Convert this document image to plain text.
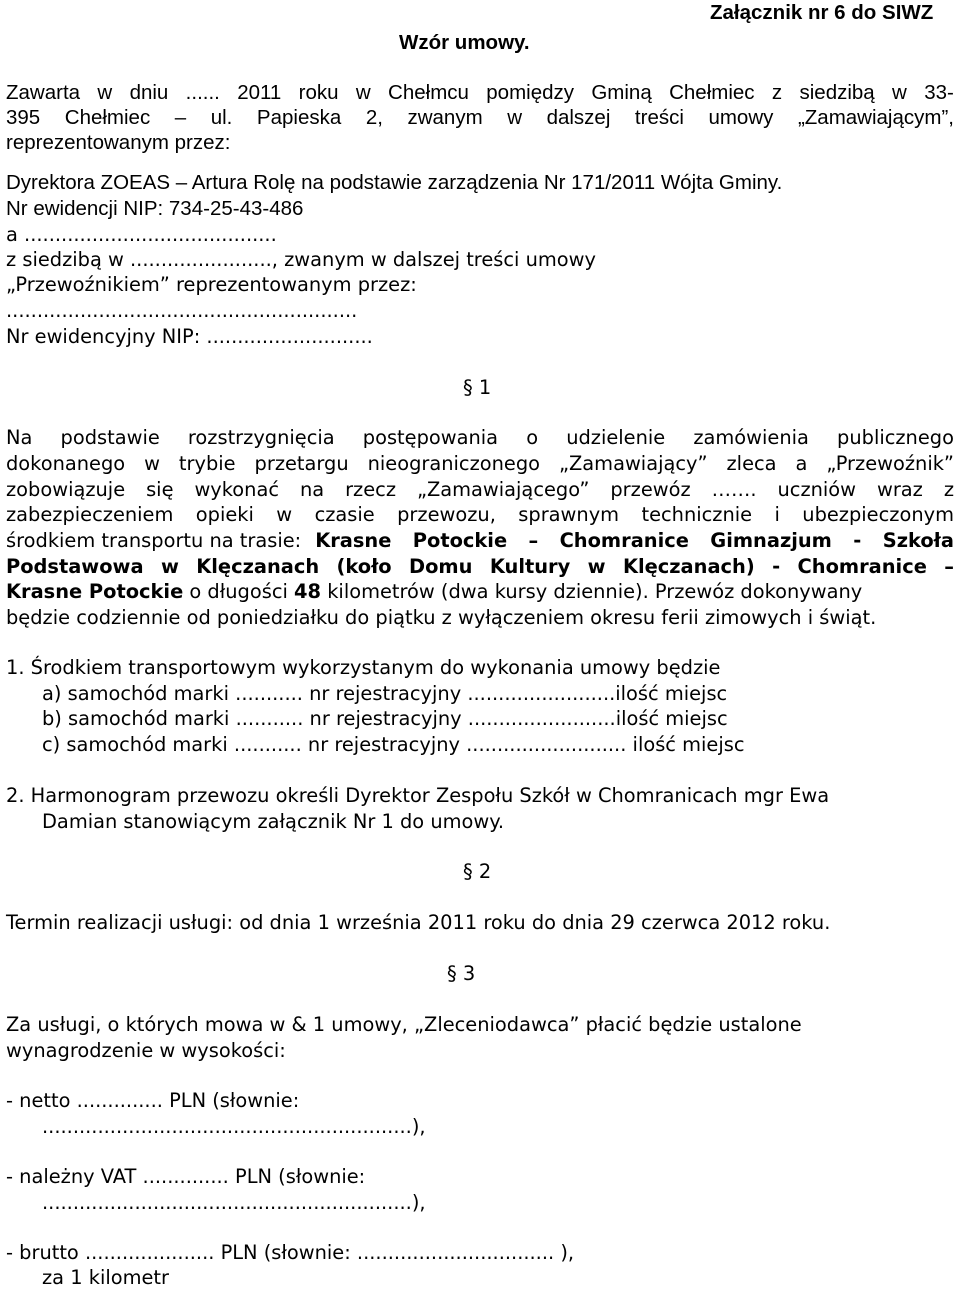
Załącznik nr 6 do SIWZ
Wzór umowy.
Zawarta w dniu ...... 2011 roku w Chełmcu pomiędzy Gminą Chełmiec z siedzibą w 33-
395 Chełmiec – ul. Papieska 2, zwanym w dalszej treści umowy „Zamawiającym”,
reprezentowanym przez:
Dyrektora ZOEAS – Artura Rolę na podstawie zarządzenia Nr 171/2011 Wójta Gminy.
Nr ewidencji NIP: 734-25-43-486
a .........................................
z siedzibą w ......................., zwanym w dalszej treści umowy
„Przewoźnikiem” reprezentowanym przez:
.........................................................
Nr ewidencyjny NIP: ...........................
§ 1
Na podstawie rozstrzygnięcia postępowania o udzielenie zamówienia publicznego
dokonanego w trybie przetargu nieograniczonego „Zamawiający” zleca a „Przewoźnik”
zobowiązuje się wykonać na rzecz „Zamawiającego” przewóz ……. uczniów wraz z
zabezpieczeniem opieki w czasie przewozu, sprawnym technicznie i ubezpieczonym
środkiem transportu na trasie: Krasne Potockie – Chomranice Gimnazjum - Szkoła
Podstawowa w Klęczanach (koło Domu Kultury w Klęczanach) - Chomranice –
Krasne Potockie o długości 48 kilometrów (dwa kursy dziennie). Przewóz dokonywany
będzie codziennie od poniedziałku do piątku z wyłączeniem okresu ferii zimowych i świąt.
1. Środkiem transportowym wykorzystanym do wykonania umowy będzie
a) samochód marki ........... nr rejestracyjny ........................ilość miejsc
b) samochód marki ........... nr rejestracyjny ........................ilość miejsc
c) samochód marki ........... nr rejestracyjny .......................... ilość miejsc
2. Harmonogram przewozu określi Dyrektor Zespołu Szkół w Chomranicach mgr Ewa
Damian stanowiącym załącznik Nr 1 do umowy.
§ 2
Termin realizacji usługi: od dnia 1 września 2011 roku do dnia 29 czerwca 2012 roku.
§ 3
Za usługi, o których mowa w & 1 umowy, „Zleceniodawca” płacić będzie ustalone
wynagrodzenie w wysokości:
- netto .............. PLN (słownie:
............................................................),
- należny VAT .............. PLN (słownie:
............................................................),
- brutto ..................... PLN (słownie: ................................ ),
za 1 kilometr
